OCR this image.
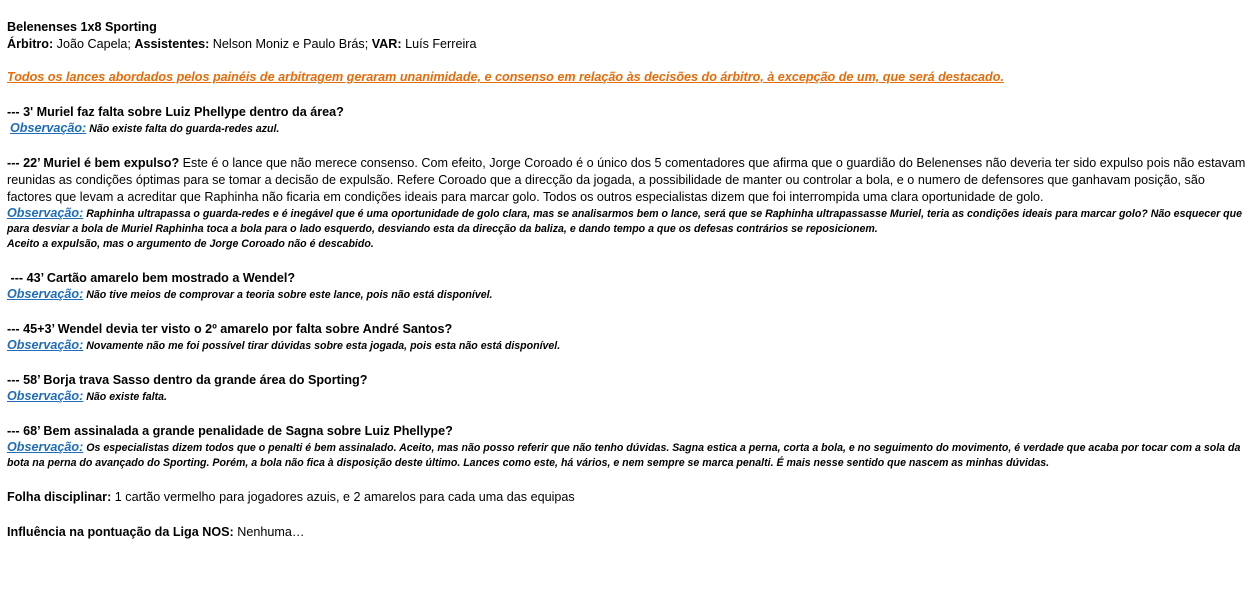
Belenenses 1x8 Sporting

Árbitro: João Capela; Assistentes: Nelson Moniz e Paulo Brás; VAR: Luís Ferreira

Todos os lances abordados pelos painéis de arbitragem geraram unanimidade, e consenso em relação às decisões do árbitro, à excepção de um, que será destacado.

--- 3' Muriel faz falta sobre Luiz Phellype dentro da área?

Observação: Não existe falta do guarda-redes azul.

--- 22’ Muriel é bem expulso? Este é o lance que não merece consenso. Com efeito, Jorge Coroado é o único dos 5 comentadores que afirma que o guardião do Belenenses não deveria ter sido expulso pois não estavam reunidas as condições óptimas para se tomar a decisão de expulsão. Refere Coroado que a direcção da jogada, a possibilidade de manter ou controlar a bola, e o numero de defensores que ganhavam posição, são factores que levam a acreditar que Raphinha não ficaria em condições ideais para marcar golo. Todos os outros especialistas dizem que foi interrompida uma clara oportunidade de golo.

Observação: Raphinha ultrapassa o guarda-redes e é inegável que é uma oportunidade de golo clara, mas se analisarmos bem o lance, será que se Raphinha ultrapassasse Muriel, teria as condições ideais para marcar golo? Não esquecer que para desviar a bola de Muriel Raphinha toca a bola para o lado esquerdo, desviando esta da direcção da baliza, e dando tempo a que os defesas contrários se reposicionem.

Aceito a expulsão, mas o argumento de Jorge Coroado não é descabido.

--- 43’ Cartão amarelo bem mostrado a Wendel?

Observação: Não tive meios de comprovar a teoria sobre este lance, pois não está disponível.

--- 45+3’ Wendel devia ter visto o 2º amarelo por falta sobre André Santos?

Observação: Novamente não me foi possível tirar dúvidas sobre esta jogada, pois esta não está disponível.

--- 58’ Borja trava Sasso dentro da grande área do Sporting?

Observação: Não existe falta.

--- 68’ Bem assinalada a grande penalidade de Sagna sobre Luiz Phellype?

Observação: Os especialistas dizem todos que o penalti é bem assinalado. Aceito, mas não posso referir que não tenho dúvidas. Sagna estica a perna, corta a bola, e no seguimento do movimento, é verdade que acaba por tocar com a sola da bota na perna do avançado do Sporting. Porém, a bola não fica à disposição deste último. Lances como este, há vários, e nem sempre se marca penalti. É mais nesse sentido que nascem as minhas dúvidas.

Folha disciplinar: 1 cartão vermelho para jogadores azuis, e 2 amarelos para cada uma das equipas

Influência na pontuação da Liga NOS: Nenhuma…
